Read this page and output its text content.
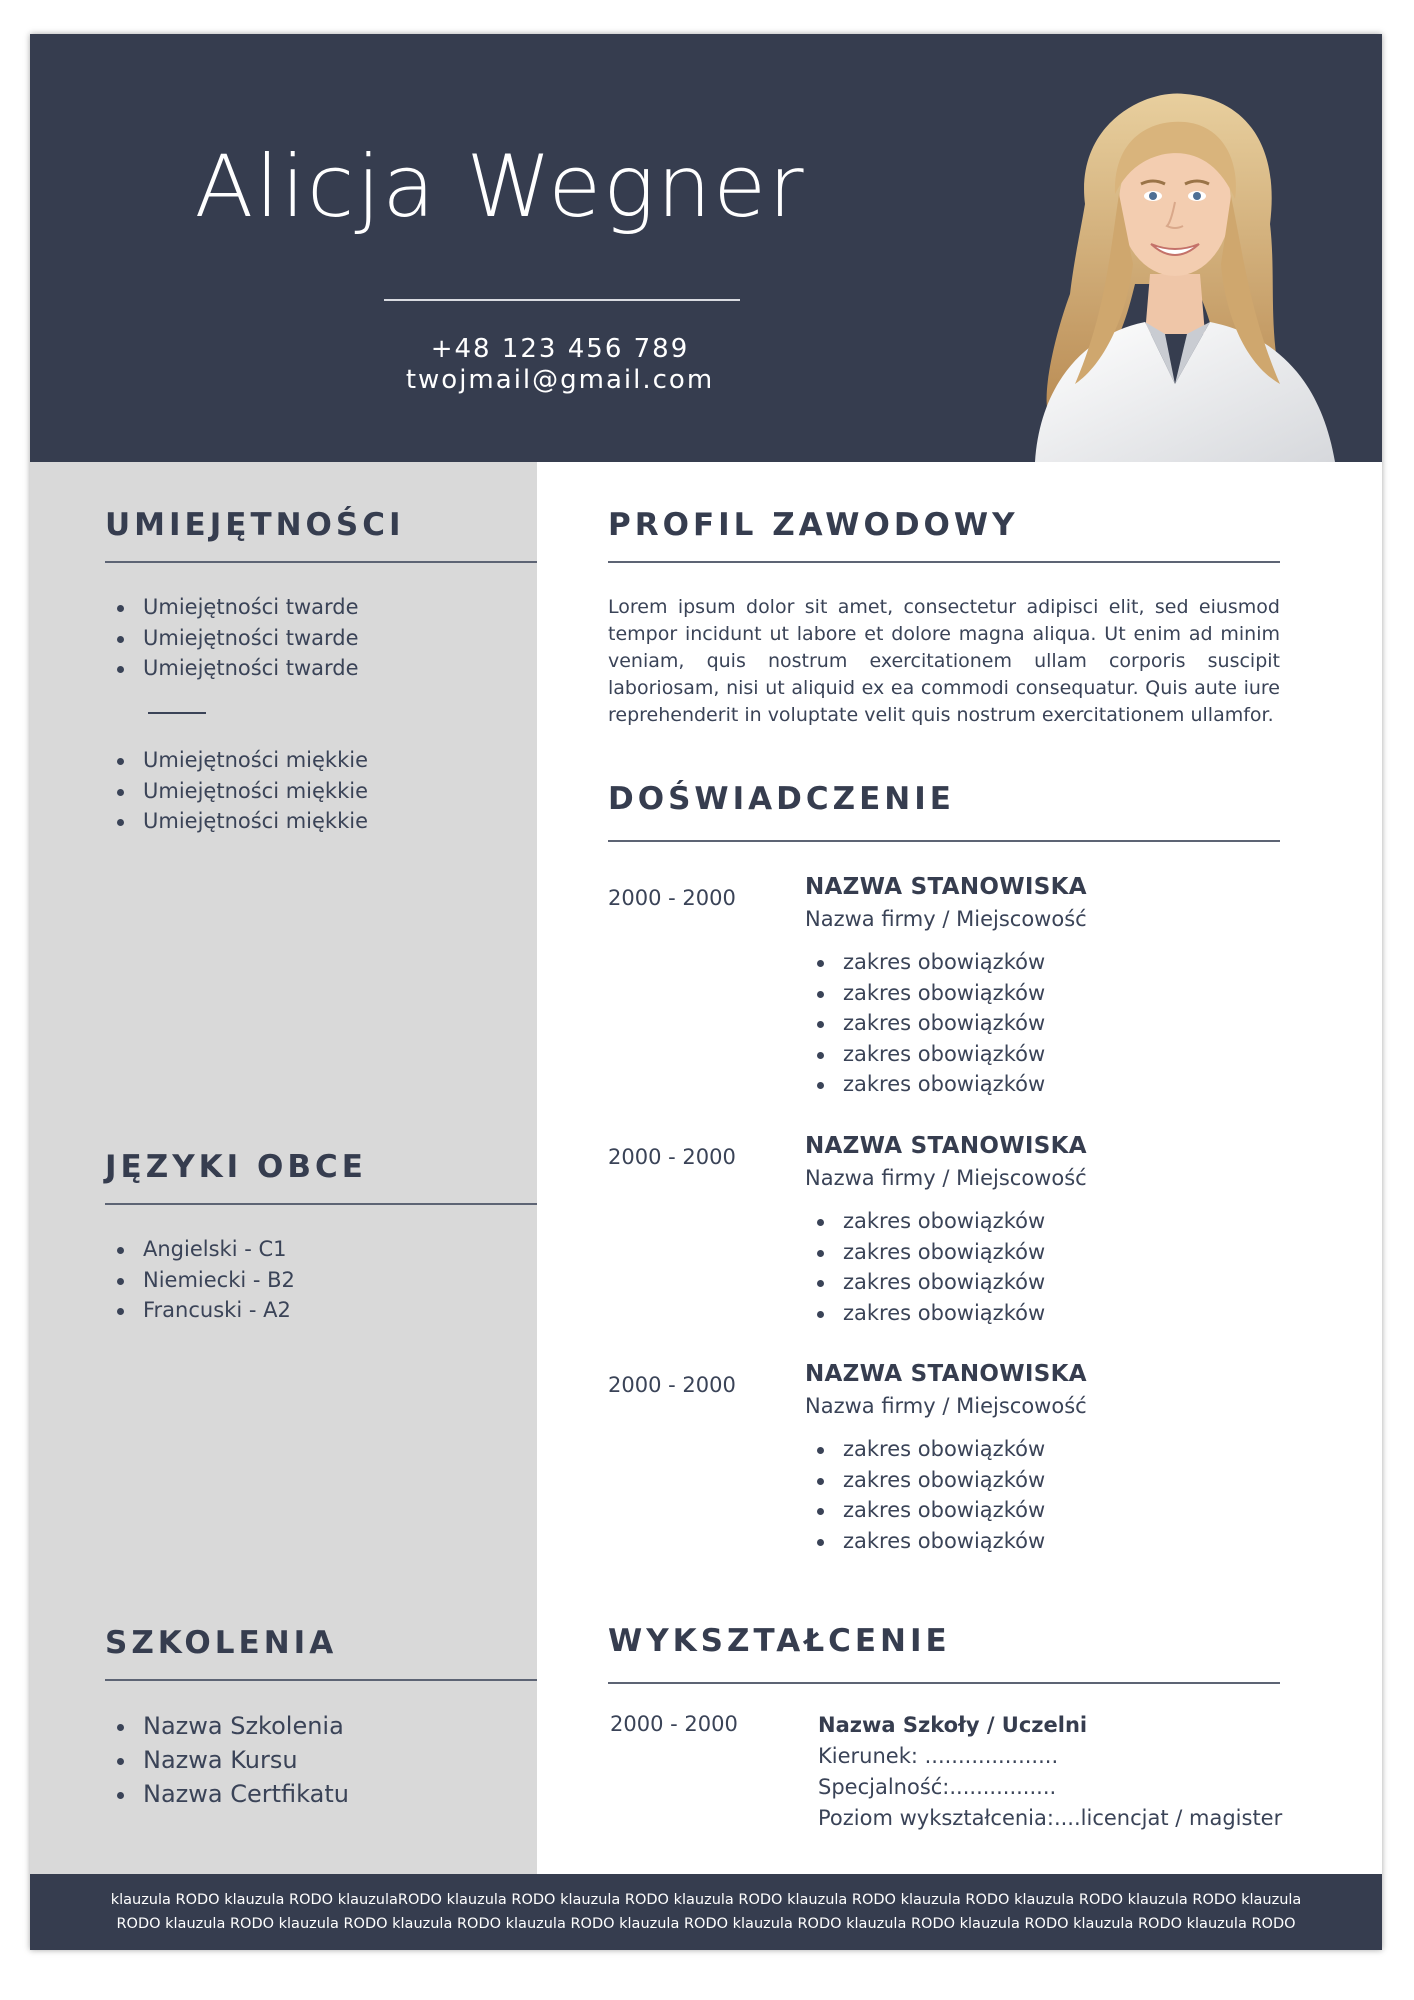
Alicja Wegner
+48 123 456 789
twojmail@gmail.com
UMIEJĘTNOŚCI
Umiejętności twarde
Umiejętności twarde
Umiejętności twarde
Umiejętności miękkie
Umiejętności miękkie
Umiejętności miękkie
JĘZYKI OBCE
Angielski - C1
Niemiecki - B2
Francuski - A2
SZKOLENIA
Nazwa Szkolenia
Nazwa Kursu
Nazwa Certfikatu
PROFIL ZAWODOWY

Lorem ipsum dolor sit amet, consectetur adipisci elit, sed eiusmod tempor incidunt ut labore et dolore magna aliqua. Ut enim ad minim veniam, quis nostrum exercitationem ullam corporis suscipit laboriosam, nisi ut aliquid ex ea commodi consequatur. Quis aute iure reprehenderit in voluptate velit quis nostrum exercitationem ullamfor.

DOŚWIADCZENIE
2000 - 2000	NAZWA STANOWISKA
Nazwa firmy / Miejscowość
zakres obowiązków
zakres obowiązków
zakres obowiązków
zakres obowiązków
zakres obowiązków
2000 - 2000	NAZWA STANOWISKA
Nazwa firmy / Miejscowość
zakres obowiązków
zakres obowiązków
zakres obowiązków
zakres obowiązków
2000 - 2000	NAZWA STANOWISKA
Nazwa firmy / Miejscowość
zakres obowiązków
zakres obowiązków
zakres obowiązków
zakres obowiązków
WYKSZTAŁCENIE
2000 - 2000	Nazwa Szkoły / Uczelni
Kierunek: ....................
Specjalność:................
Poziom wykształcenia:....licencjat / magister

klauzula RODO klauzula RODO klauzulaRODO klauzula RODO klauzula RODO klauzula RODO klauzula RODO klauzula RODO klauzula RODO klauzula RODO klauzula
RODO klauzula RODO klauzula RODO klauzula RODO klauzula RODO klauzula RODO klauzula RODO klauzula RODO klauzula RODO klauzula RODO klauzula RODO
